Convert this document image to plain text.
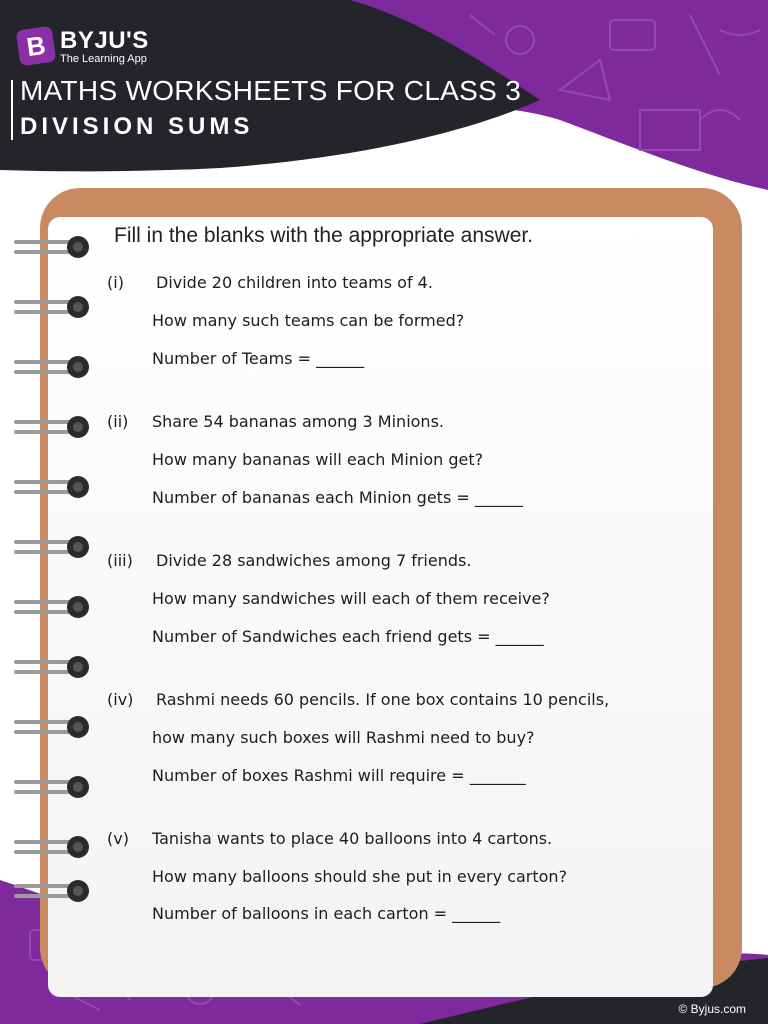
B BYJU'S
The Learning App
MATHS WORKSHEETS FOR CLASS 3
DIVISION SUMS
Fill in the blanks with the appropriate answer.
(i) Divide 20 children into teams of 4.
How many such teams can be formed?
Number of Teams = ______
(ii) Share 54 bananas among 3 Minions.
How many bananas will each Minion get?
Number of bananas each Minion gets = ______
(iii) Divide 28 sandwiches among 7 friends.
How many sandwiches will each of them receive?
Number of Sandwiches each friend gets = ______
(iv) Rashmi needs 60 pencils. If one box contains 10 pencils,
how many such boxes will Rashmi need to buy?
Number of boxes Rashmi will require = _______
(v) Tanisha wants to place 40 balloons into 4 cartons.
How many balloons should she put in every carton?
Number of balloons in each carton = ______
© Byjus.com
